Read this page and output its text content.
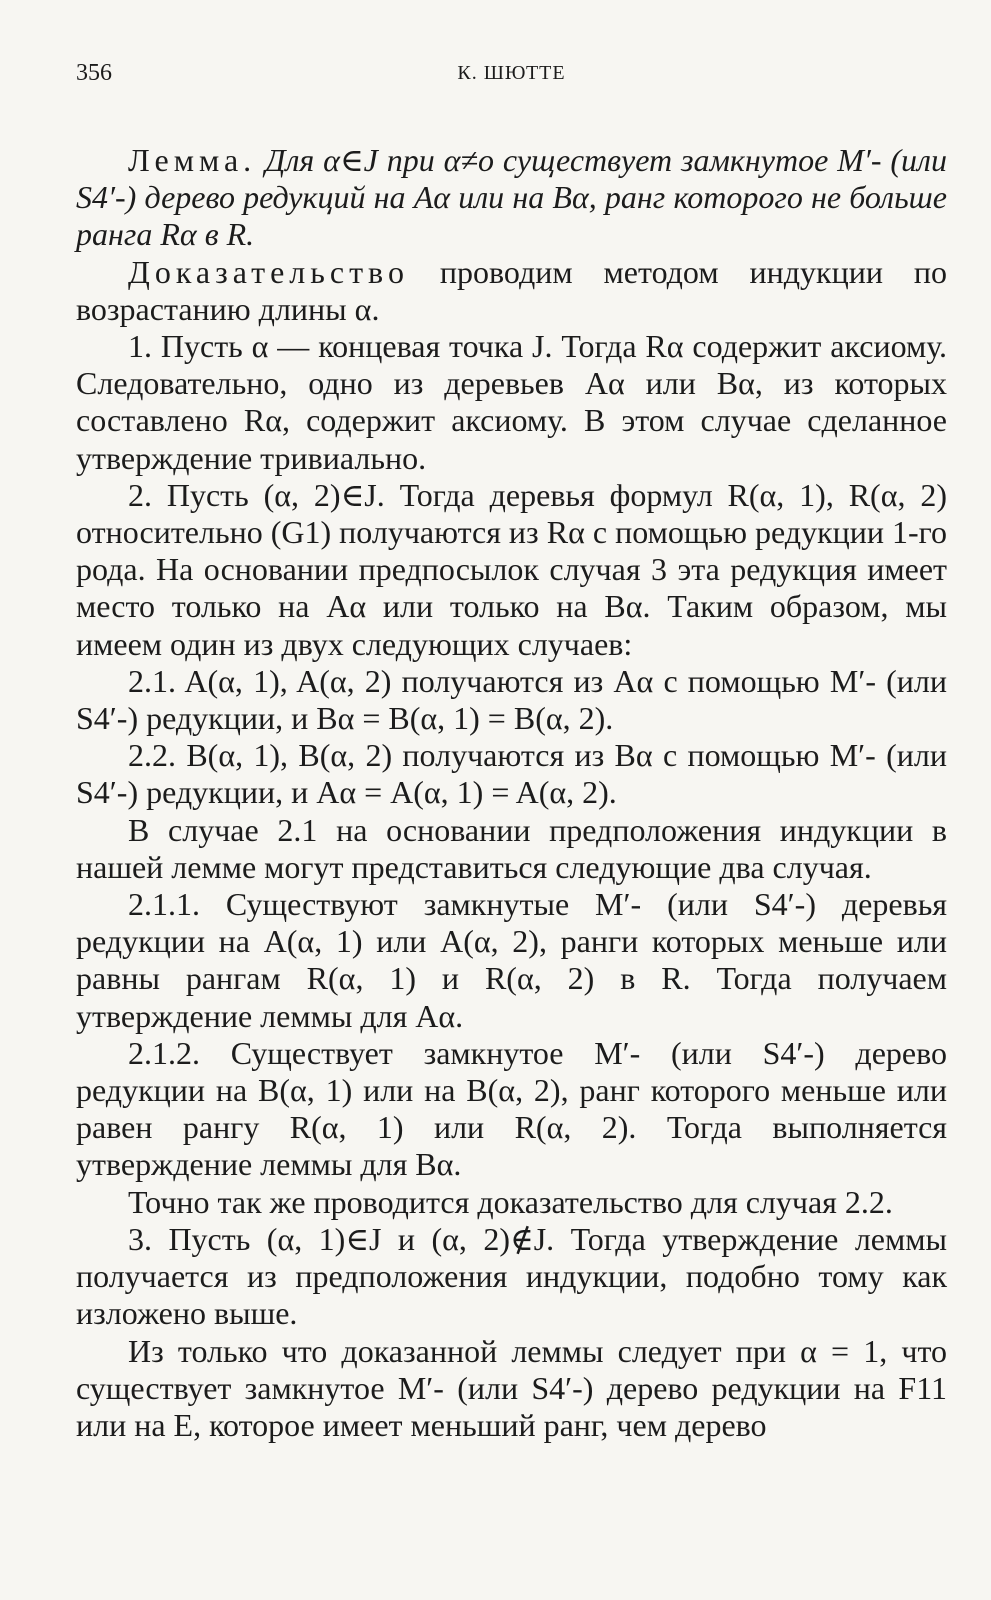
356	К. ШЮТТЕ

Лемма. Для α∈J при α≠о существует замкнутое M′- (или S4′-) дерево редукций на Aα или на Bα, ранг которого не больше ранга Rα в R.

Доказательство проводим методом индукции по возрастанию длины α.

1. Пусть α — концевая точка J. Тогда Rα содержит аксиому. Следовательно, одно из деревьев Aα или Bα, из которых составлено Rα, содержит аксиому. В этом случае сделанное утверждение тривиально.

2. Пусть (α, 2)∈J. Тогда деревья формул R(α, 1), R(α, 2) относительно (G1) получаются из Rα с помощью редукции 1-го рода. На основании предпосылок случая 3 эта редукция имеет место только на Aα или только на Bα. Таким образом, мы имеем один из двух следующих случаев:

2.1. A(α, 1), A(α, 2) получаются из Aα с помощью M′- (или S4′-) редукции, и Bα = B(α, 1) = B(α, 2).

2.2. B(α, 1), B(α, 2) получаются из Bα с помощью M′- (или S4′-) редукции, и Aα = A(α, 1) = A(α, 2).

В случае 2.1 на основании предположения индукции в нашей лемме могут представиться следующие два случая.

2.1.1. Существуют замкнутые M′- (или S4′-) деревья редукции на A(α, 1) или A(α, 2), ранги которых меньше или равны рангам R(α, 1) и R(α, 2) в R. Тогда получаем утверждение леммы для Aα.

2.1.2. Существует замкнутое M′- (или S4′-) дерево редукции на B(α, 1) или на B(α, 2), ранг которого меньше или равен рангу R(α, 1) или R(α, 2). Тогда выполняется утверждение леммы для Bα.

Точно так же проводится доказательство для случая 2.2.

3. Пусть (α, 1)∈J и (α, 2)∉J. Тогда утверждение леммы получается из предположения индукции, подобно тому как изложено выше.

Из только что доказанной леммы следует при α = 1, что существует замкнутое M′- (или S4′-) дерево редукции на F11 или на E, которое имеет меньший ранг, чем дерево
